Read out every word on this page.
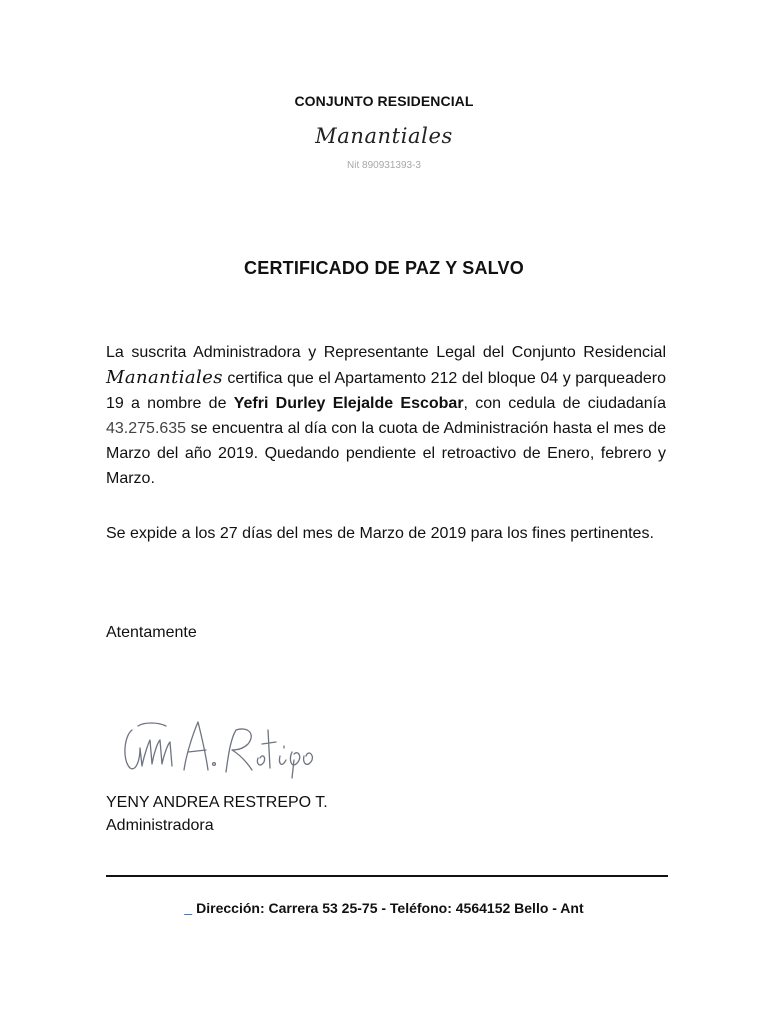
CONJUNTO RESIDENCIAL
Manantiales
Nit 890931393-3
CERTIFICADO DE PAZ Y SALVO
La suscrita Administradora y Representante Legal del Conjunto Residencial Manantiales certifica que el Apartamento 212 del bloque 04 y parqueadero 19 a nombre de Yefri Durley Elejalde Escobar, con cedula de ciudadanía 43.275.635 se encuentra al día con la cuota de Administración hasta el mes de Marzo del año 2019. Quedando pendiente el retroactivo de Enero, febrero y Marzo.
Se expide a los 27 días del mes de Marzo de 2019 para los fines pertinentes.
Atentamente
YENY ANDREA RESTREPO T.
Administradora
_ Dirección: Carrera 53 25-75 - Teléfono: 4564152 Bello - Ant
